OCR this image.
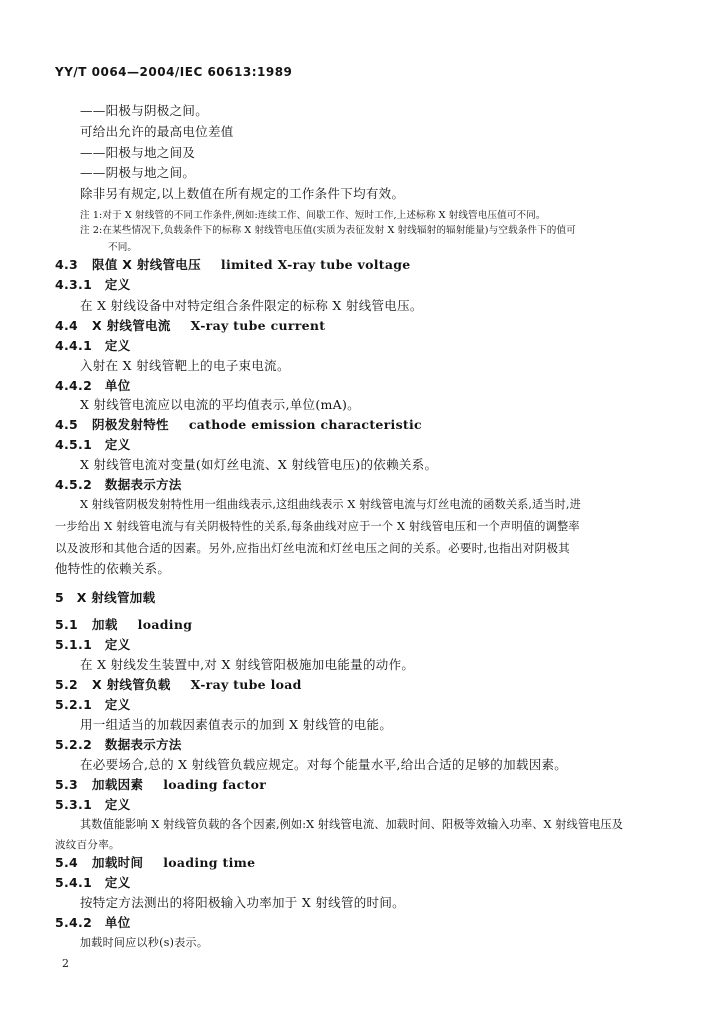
YY/T 0064—2004/IEC 60613:1989
——阳极与阴极之间。
可给出允许的最高电位差值
——阳极与地之间及
——阴极与地之间。
除非另有规定,以上数值在所有规定的工作条件下均有效。
注 1:对于 X 射线管的不同工作条件,例如:连续工作、间歇工作、短时工作,上述标称 X 射线管电压值可不同。
注 2:在某些情况下,负载条件下的标称 X 射线管电压值(实质为表征发射 X 射线辐射的辐射能量)与空载条件下的值可
不同。
4.3 限值 X 射线管电压 limited X-ray tube voltage
4.3.1　定义
在 X 射线设备中对特定组合条件限定的标称 X 射线管电压。
4.4 X 射线管电流 X-ray tube current
4.4.1　定义
入射在 X 射线管靶上的电子束电流。
4.4.2　单位
X 射线管电流应以电流的平均值表示,单位(mA)。
4.5 阴极发射特性 cathode emission characteristic
4.5.1　定义
X 射线管电流对变量(如灯丝电流、X 射线管电压)的依赖关系。
4.5.2　数据表示方法
X 射线管阴极发射特性用一组曲线表示,这组曲线表示 X 射线管电流与灯丝电流的函数关系,适当时,进
一步给出 X 射线管电流与有关阴极特性的关系,每条曲线对应于一个 X 射线管电压和一个声明值的调整率
以及波形和其他合适的因素。另外,应指出灯丝电流和灯丝电压之间的关系。必要时,也指出对阴极其
他特性的依赖关系。
5　X 射线管加载
5.1 加载 loading
5.1.1　定义
在 X 射线发生装置中,对 X 射线管阳极施加电能量的动作。
5.2 X 射线管负载 X-ray tube load
5.2.1　定义
用一组适当的加载因素值表示的加到 X 射线管的电能。
5.2.2　数据表示方法
在必要场合,总的 X 射线管负载应规定。对每个能量水平,给出合适的足够的加载因素。
5.3 加载因素 loading factor
5.3.1　定义
其数值能影响 X 射线管负载的各个因素,例如:X 射线管电流、加载时间、阳极等效输入功率、X 射线管电压及
波纹百分率。
5.4 加载时间 loading time
5.4.1　定义
按特定方法测出的将阳极输入功率加于 X 射线管的时间。
5.4.2　单位
加载时间应以秒(s)表示。
2
